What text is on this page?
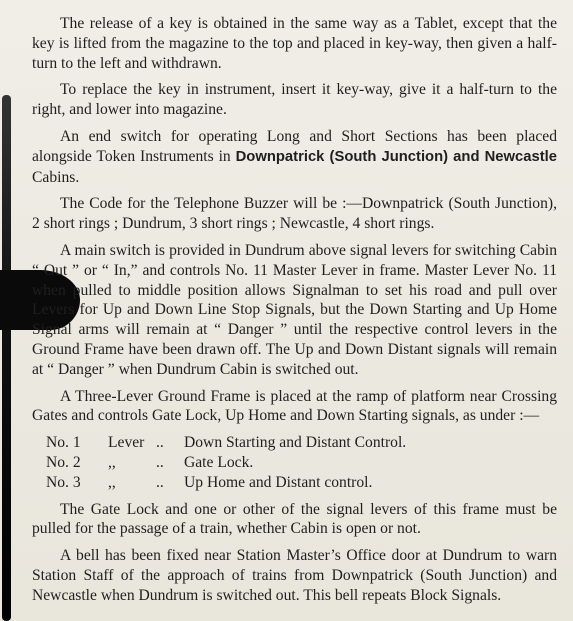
The release of a key is obtained in the same way as a Tablet, except that the key is lifted from the magazine to the top and placed in key-way, then given a half-turn to the left and withdrawn.

To replace the key in instrument, insert it key-way, give it a half-turn to the right, and lower into magazine.

An end switch for operating Long and Short Sections has been placed alongside Token Instruments in Downpatrick (South Junction) and Newcastle Cabins.

The Code for the Telephone Buzzer will be :—Downpatrick (South Junction), 2 short rings ; Dundrum, 3 short rings ; Newcastle, 4 short rings.

A main switch is provided in Dundrum above signal levers for switching Cabin “ Out ” or “ In,” and controls No. 11 Master Lever in frame. Master Lever No. 11 when pulled to middle position allows Signalman to set his road and pull over Levers for Up and Down Line Stop Signals, but the Down Starting and Up Home Signal arms will remain at “ Danger ” until the respective control levers in the Ground Frame have been drawn off. The Up and Down Distant signals will remain at “ Danger ” when Dundrum Cabin is switched out.

A Three-Lever Ground Frame is placed at the ramp of platform near Crossing Gates and controls Gate Lock, Up Home and Down Starting signals, as under :—

No. 1	Lever ..	Down Starting and Distant Control.
No. 2	,,	..	Gate Lock.
No. 3	,,	..	Up Home and Distant control.

The Gate Lock and one or other of the signal levers of this frame must be pulled for the passage of a train, whether Cabin is open or not.

A bell has been fixed near Station Master’s Office door at Dundrum to warn Station Staff of the approach of trains from Downpatrick (South Junction) and Newcastle when Dundrum is switched out. This bell repeats Block Signals.
